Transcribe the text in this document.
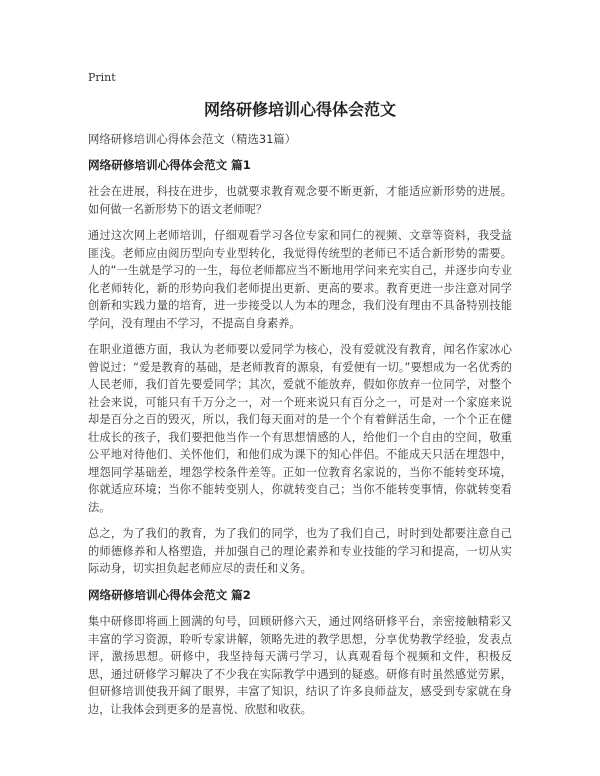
Print
网络研修培训心得体会范文

网络研修培训心得体会范文（精选31篇）

网络研修培训心得体会范文 篇1

社会在进展，科技在进步，也就要求教育观念要不断更新，才能适应新形势的进展。如何做一名新形势下的语文老师呢？

通过这次网上老师培训，仔细观看学习各位专家和同仁的视频、文章等资料，我受益匪浅。老师应由阅历型向专业型转化，我觉得传统型的老师已不适合新形势的需要。人的“一生就是学习的一生，每位老师都应当不断地用学问来充实自己，并逐步向专业化老师转化，新的形势向我们老师提出更新、更高的要求。教育更进一步注意对同学创新和实践力量的培育，进一步接受以人为本的理念，我们没有理由不具备特别技能学问，没有理由不学习，不提高自身素养。

在职业道德方面，我认为老师要以爱同学为核心，没有爱就没有教育，闻名作家冰心曾说过：“爱是教育的基础，是老师教育的源泉，有爱便有一切。”要想成为一名优秀的人民老师，我们首先要爱同学；其次，爱就不能放弃，假如你放弃一位同学，对整个社会来说，可能只有千万分之一，对一个班来说只有百分之一，可是对一个家庭来说却是百分之百的毁灭，所以，我们每天面对的是一个个有着鲜活生命，一个个正在健壮成长的孩子，我们要把他当作一个有思想情感的人，给他们一个自由的空间，敬重公平地对待他们、关怀他们，和他们成为课下的知心伴侣。不能成天只活在埋怨中，埋怨同学基础差，埋怨学校条件差等。正如一位教育名家说的，当你不能转变环境，你就适应环境；当你不能转变别人，你就转变自己；当你不能转变事情，你就转变看法。

总之，为了我们的教育，为了我们的同学，也为了我们自己，时时到处都要注意自己的师德修养和人格塑造，并加强自己的理论素养和专业技能的学习和提高，一切从实际动身，切实担负起老师应尽的责任和义务。

网络研修培训心得体会范文 篇2

集中研修即将画上圆满的句号，回顾研修六天，通过网络研修平台，亲密接触精彩又丰富的学习资源，聆听专家讲解，领略先进的教学思想，分享优势教学经验，发表点评，激扬思想。研修中，我坚持每天满弓学习，认真观看每个视频和文件，积极反思，通过研修学习解决了不少我在实际教学中遇到的疑惑。研修有时虽然感觉劳累，但研修培训使我开阔了眼界，丰富了知识，结识了许多良师益友，感受到专家就在身边，让我体会到更多的是喜悦、欣慰和收获。
